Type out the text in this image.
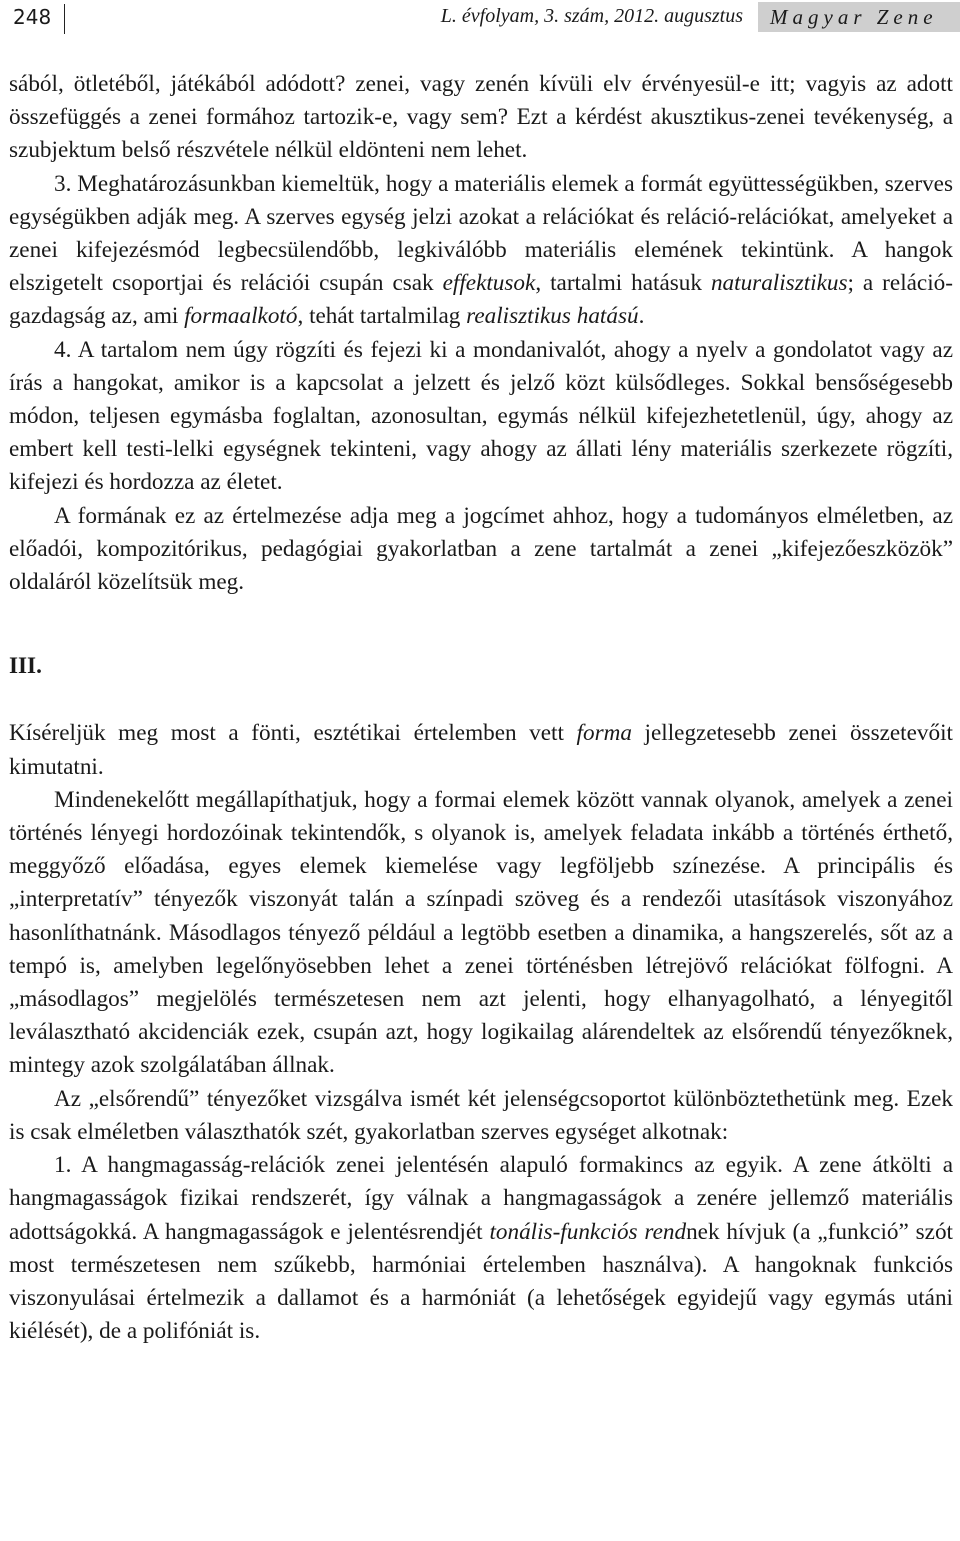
248	L. évfolyam, 3. szám, 2012. augusztus	Magyar Zene

sából, ötletéből, játékából adódott? zenei, vagy zenén kívüli elv érvényesül-e itt; vagyis az adott összefüggés a zenei formához tartozik-e, vagy sem? Ezt a kérdést akusztikus-zenei tevékenység, a szubjektum belső részvétele nélkül eldönteni nem lehet.

3. Meghatározásunkban kiemeltük, hogy a materiális elemek a formát együttességükben, szerves egységükben adják meg. A szerves egység jelzi azokat a relációkat és reláció-relációkat, amelyeket a zenei kifejezésmód legbecsülendőbb, legkiválóbb materiális elemének tekintünk. A hangok elszigetelt csoportjai és relációi csupán csak effektusok, tartalmi hatásuk naturalisztikus; a relációgazdagság az, ami formaalkotó, tehát tartalmilag realisztikus hatású.

4. A tartalom nem úgy rögzíti és fejezi ki a mondanivalót, ahogy a nyelv a gondolatot vagy az írás a hangokat, amikor is a kapcsolat a jelzett és jelző közt külsődleges. Sokkal bensőségesebb módon, teljesen egymásba foglaltan, azonosultan, egymás nélkül kifejezhetetlenül, úgy, ahogy az embert kell testi-lelki egységnek tekinteni, vagy ahogy az állati lény materiális szerkezete rögzíti, kifejezi és hordozza az életet.

A formának ez az értelmezése adja meg a jogcímet ahhoz, hogy a tudományos elméletben, az előadói, kompozitórikus, pedagógiai gyakorlatban a zene tartalmát a zenei „kifejezőeszközök” oldaláról közelítsük meg.

III.

Kíséreljük meg most a fönti, esztétikai értelemben vett forma jellegzetesebb zenei összetevőit kimutatni.

Mindenekelőtt megállapíthatjuk, hogy a formai elemek között vannak olyanok, amelyek a zenei történés lényegi hordozóinak tekintendők, s olyanok is, amelyek feladata inkább a történés érthető, meggyőző előadása, egyes elemek kiemelése vagy legföljebb színezése. A principális és „interpretatív” tényezők viszonyát talán a színpadi szöveg és a rendezői utasítások viszonyához hasonlíthatnánk. Másodlagos tényező például a legtöbb esetben a dinamika, a hangszerelés, sőt az a tempó is, amelyben legelőnyösebben lehet a zenei történésben létrejövő relációkat fölfogni. A „másodlagos” megjelölés természetesen nem azt jelenti, hogy elhanyagolható, a lényegitől leválasztható akcidenciák ezek, csupán azt, hogy logikailag alárendeltek az elsőrendű tényezőknek, mintegy azok szolgálatában állnak.

Az „elsőrendű” tényezőket vizsgálva ismét két jelenségcsoportot különböztethetünk meg. Ezek is csak elméletben választhatók szét, gyakorlatban szerves egységet alkotnak:

1. A hangmagasság-relációk zenei jelentésén alapuló formakincs az egyik. A zene átkölti a hangmagasságok fizikai rendszerét, így válnak a hangmagasságok a zenére jellemző materiális adottságokká. A hangmagasságok e jelentésrendjét tonális-funkciós rendnek hívjuk (a „funkció” szót most természetesen nem szűkebb, harmóniai értelemben használva). A hangoknak funkciós viszonyulásai értelmezik a dallamot és a harmóniát (a lehetőségek egyidejű vagy egymás utáni kiélését), de a polifóniát is.
